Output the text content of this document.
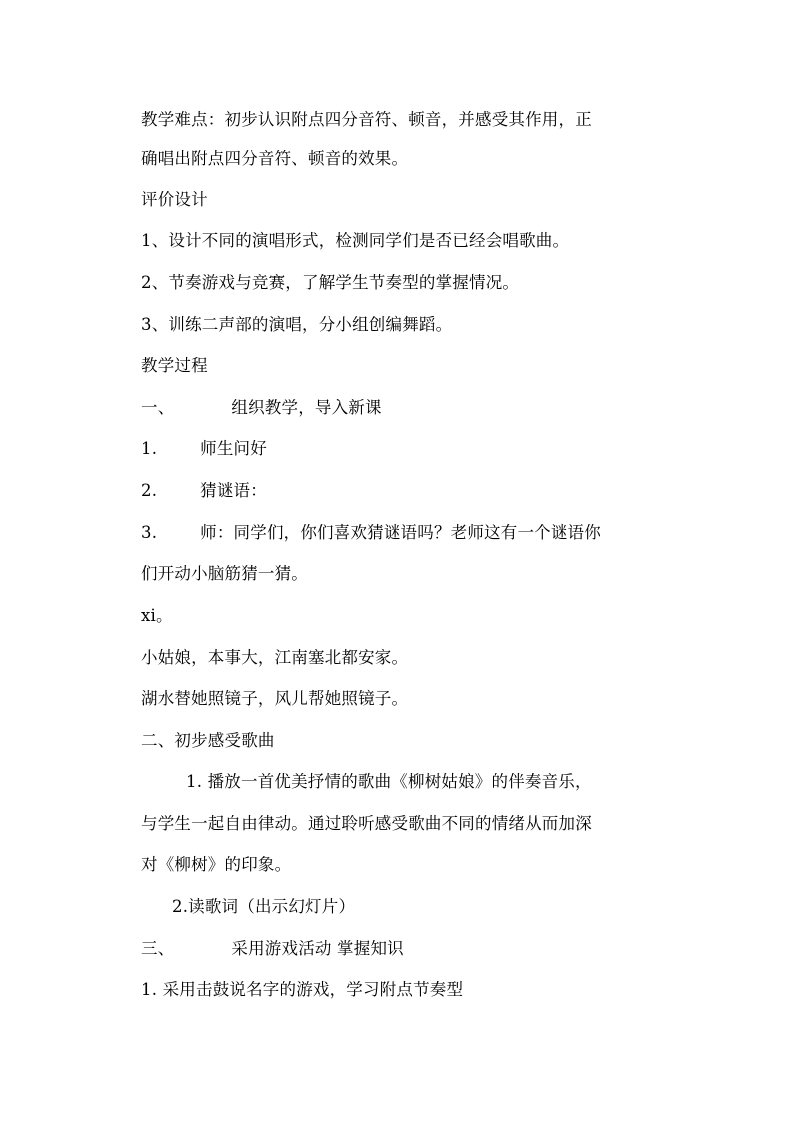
教学难点：初步认识附点四分音符、顿音，并感受其作用，正
确唱出附点四分音符、顿音的效果。
评价设计
1、设计不同的演唱形式，检测同学们是否已经会唱歌曲。
2、节奏游戏与竞赛，了解学生节奏型的掌握情况。
3、训练二声部的演唱，分小组创编舞蹈。
教学过程
一、	组织教学，导入新课
1.	师生问好
2.	猜谜语：
3.	师：同学们，你们喜欢猜谜语吗？老师这有一个谜语你
们开动小脑筋猜一猜。
xi。
小姑娘，本事大，江南塞北都安家。
湖水替她照镜子，风儿帮她照镜子。
二、初步感受歌曲
1. 播放一首优美抒情的歌曲《柳树姑娘》的伴奏音乐，
与学生一起自由律动。通过聆听感受歌曲不同的情绪从而加深
对《柳树》的印象。
2.读歌词（出示幻灯片）
三、	采用游戏活动 掌握知识
1. 采用击鼓说名字的游戏，学习附点节奏型
